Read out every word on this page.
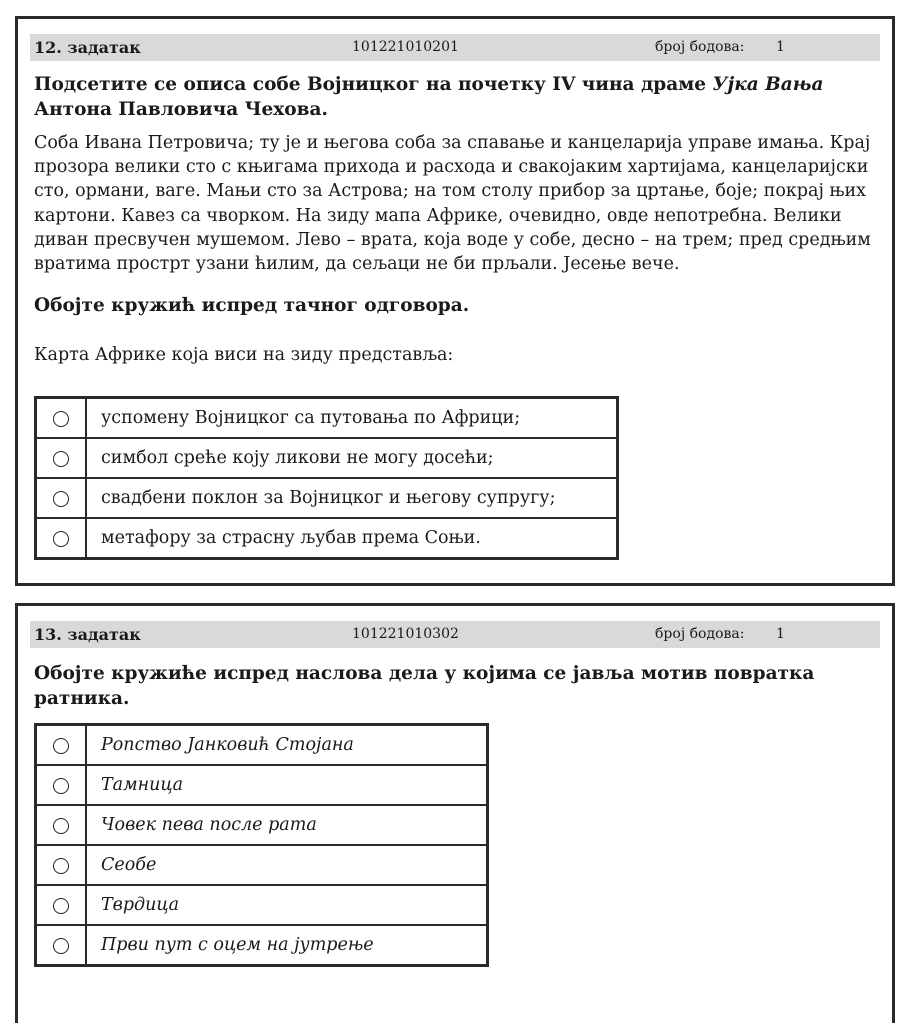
12. задатак	101221010201	број бодова: 1
Подсетите се описа собе Војницког на почетку IV чина драме Ујка Вања Антона Павловича Чехова.
Соба Ивана Петровича; ту је и његова соба за спавање и канцеларија управе имања. Крај прозора велики сто с књигама прихода и расхода и свакојаким хартијама, канцеларијски сто, ормани, ваге. Мањи сто за Астрова; на том столу прибор за цртање, боје; покрај њих картони. Кавез са чворком. На зиду мапа Африке, очевидно, овде непотребна. Велики диван пресвучен мушемом. Лево – врата, која воде у собе, десно – на трем; пред средњим вратима прострт узани ћилим, да сељаци не би прљали. Јесење вече.
Обојте кружић испред тачног одговора.
Карта Африке која виси на зиду представља:
	успомену Војницког са путовања по Африци;
	симбол среће коју ликови не могу досећи;
	свадбени поклон за Војницког и његову супругу;
	метафору за страсну љубав према Соњи.
13. задатак	101221010302	број бодова: 1
Обојте кружиће испред наслова дела у којима се јавља мотив повратка ратника.
	Ропство Јанковић Стојана
	Тамница
	Човек пева после рата
	Сеобе
	Тврдица
	Први пут с оцем на јутрење
